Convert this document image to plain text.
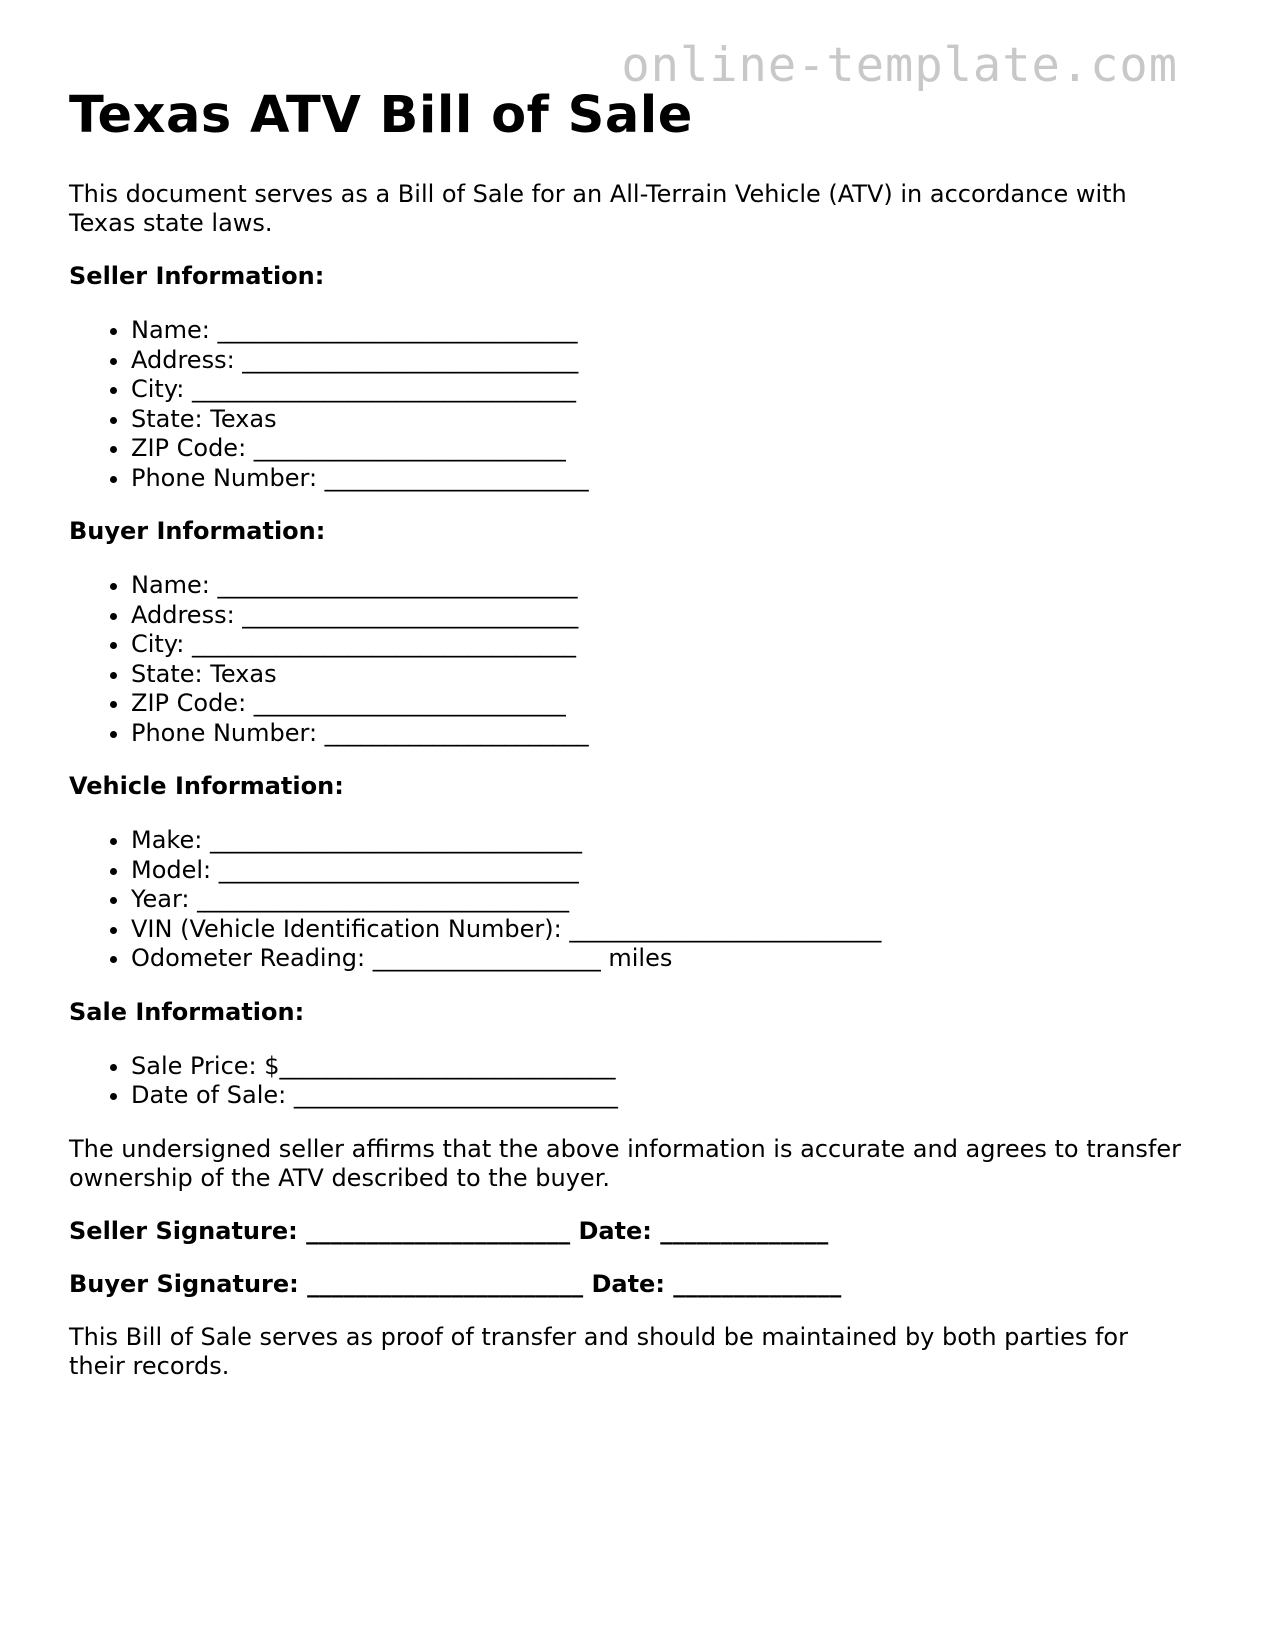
online-template.com
Texas ATV Bill of Sale

This document serves as a Bill of Sale for an All-Terrain Vehicle (ATV) in accordance with Texas state laws.

Seller Information:

• Name: ______________________________
• Address: ____________________________
• City: ________________________________
• State: Texas
• ZIP Code: __________________________
• Phone Number: ______________________

Buyer Information:

• Name: ______________________________
• Address: ____________________________
• City: ________________________________
• State: Texas
• ZIP Code: __________________________
• Phone Number: ______________________

Vehicle Information:

• Make: _______________________________
• Model: ______________________________
• Year: _______________________________
• VIN (Vehicle Identification Number): __________________________
• Odometer Reading: ___________________ miles

Sale Information:

• Sale Price: $____________________________
• Date of Sale: ___________________________

The undersigned seller affirms that the above information is accurate and agrees to transfer ownership of the ATV described to the buyer.

Seller Signature: ______________________ Date: ______________

Buyer Signature: _______________________ Date: ______________

This Bill of Sale serves as proof of transfer and should be maintained by both parties for their records.
